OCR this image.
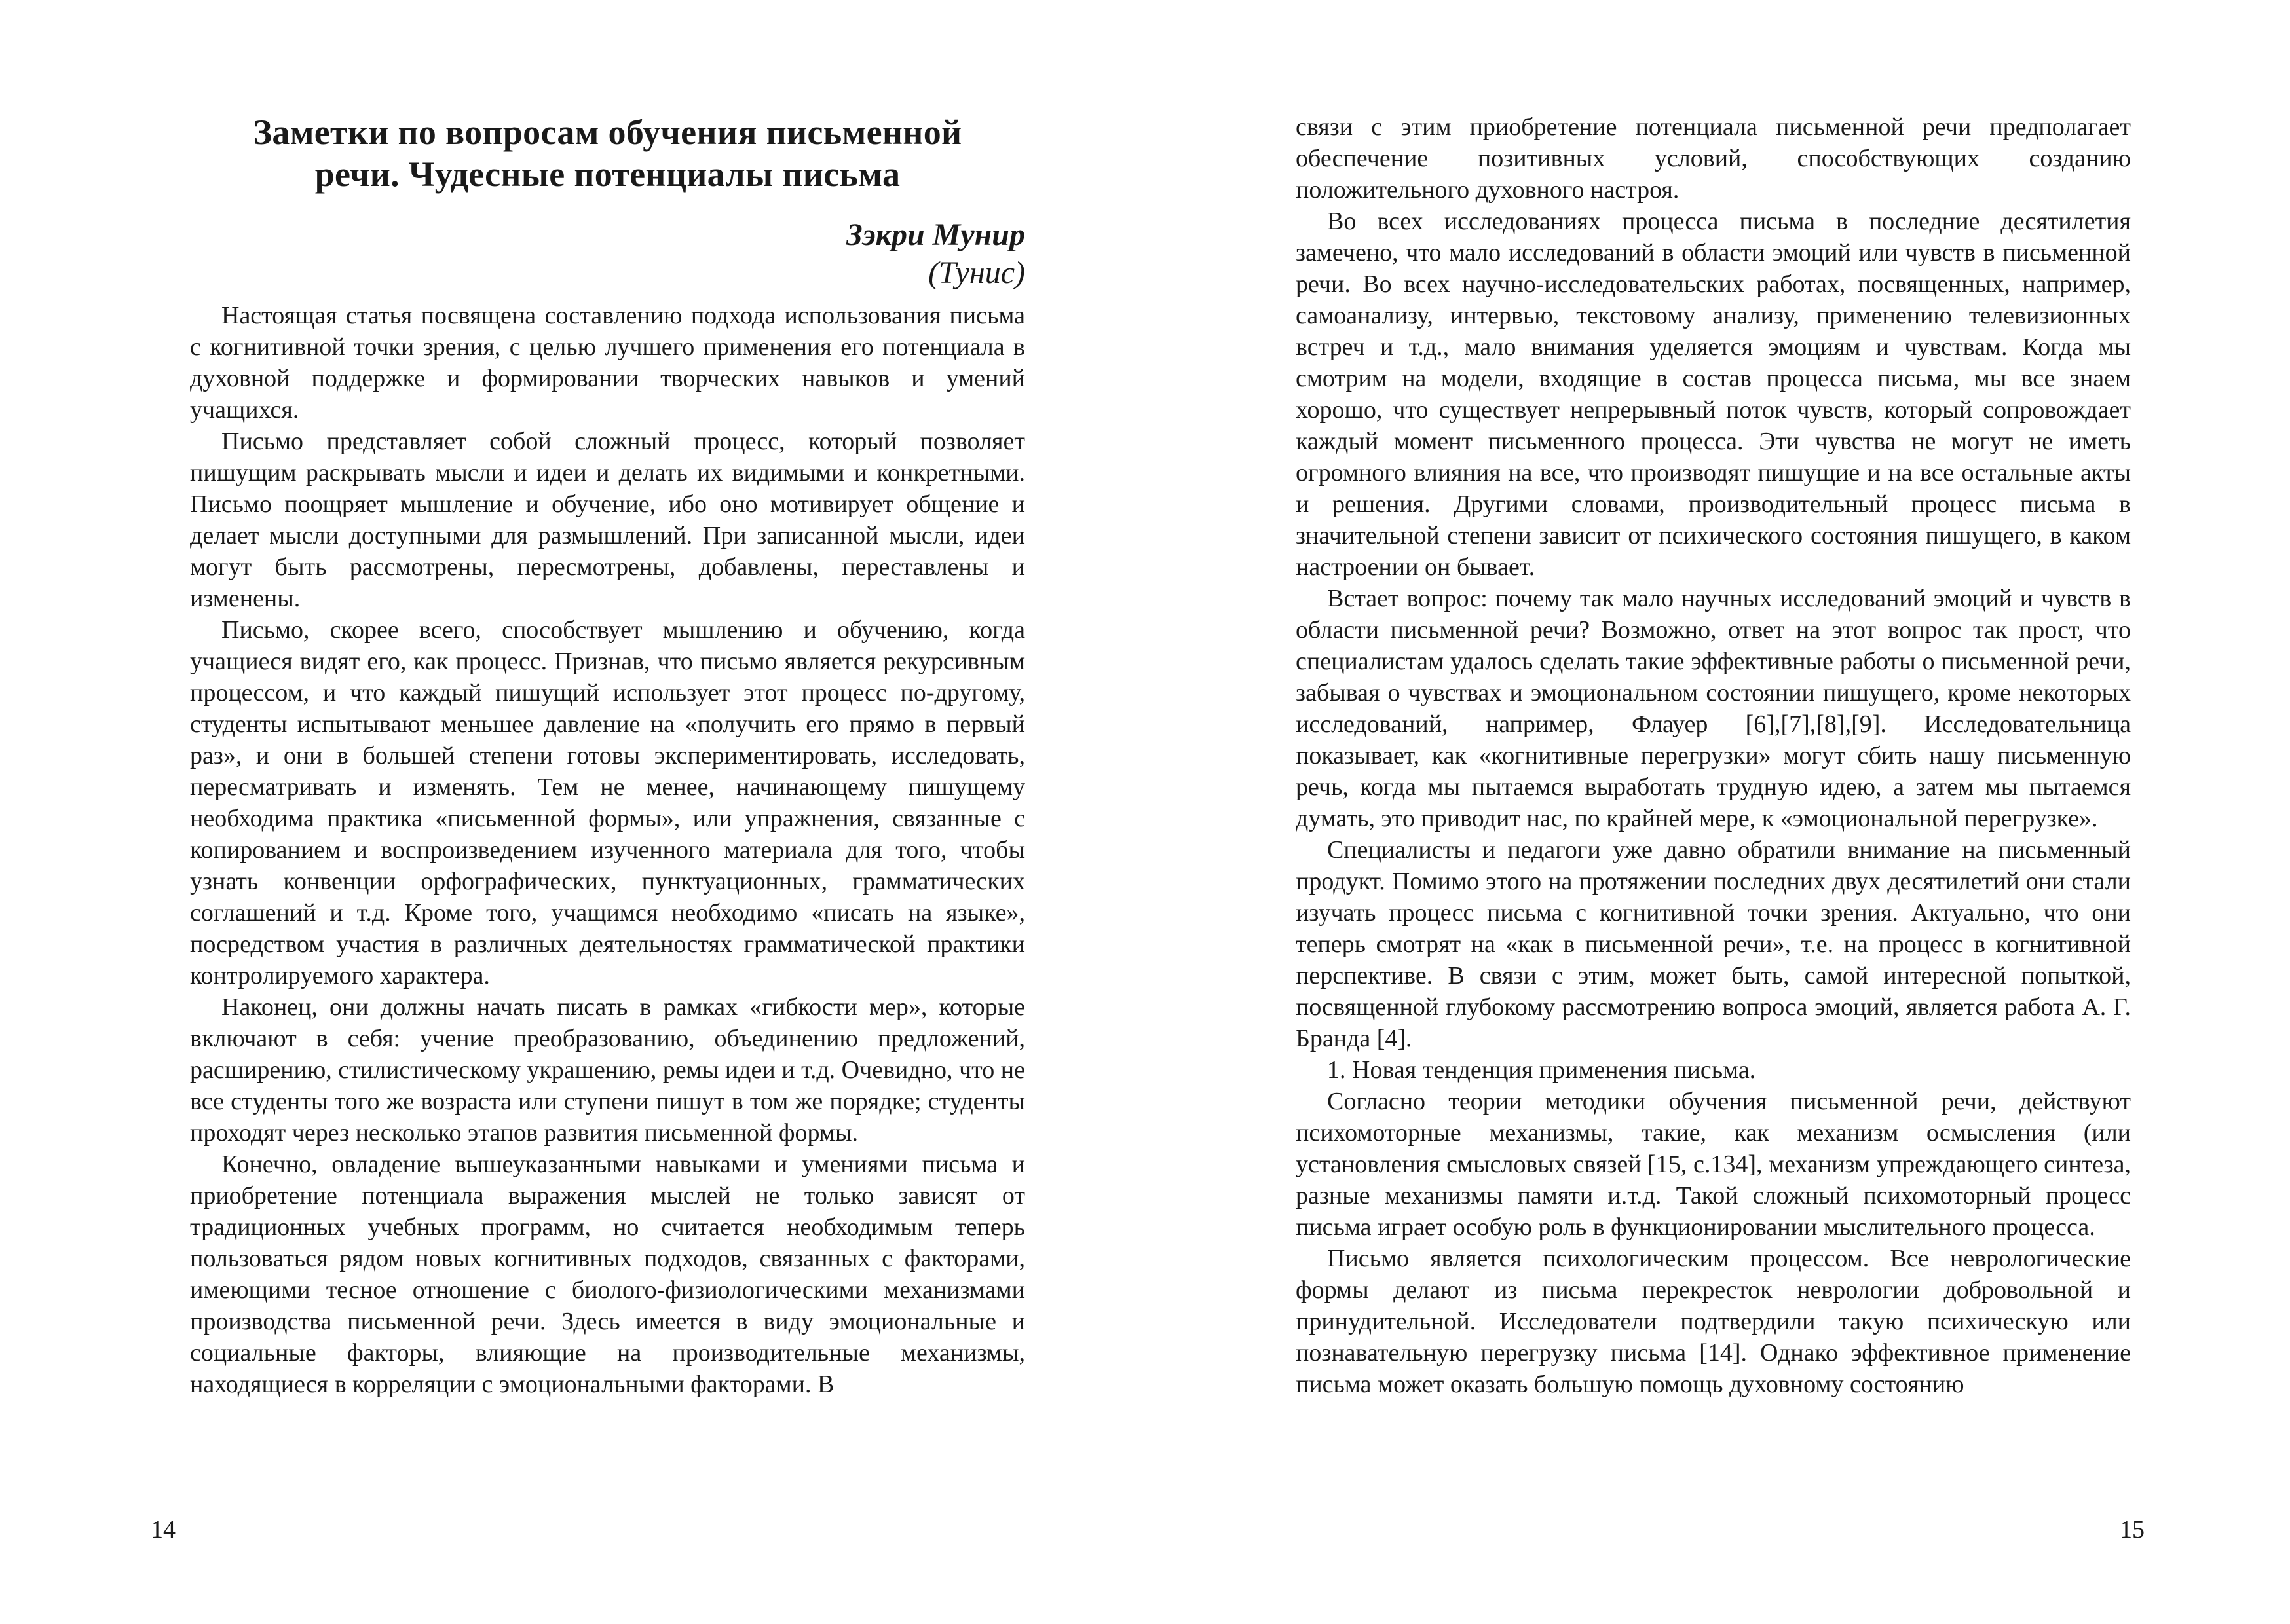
Заметки по вопросам обучения письменной
речи. Чудесные потенциалы письма
Зэкри Мунир
(Тунис)

Настоящая статья посвящена составлению подхода использования письма с когнитивной точки зрения, с целью лучшего применения его потенциала в духовной поддержке и формировании творческих навыков и умений учащихся.

Письмо представляет собой сложный процесс, который позволяет пишущим раскрывать мысли и идеи и делать их видимыми и конкретными. Письмо поощряет мышление и обучение, ибо оно мотивирует общение и делает мысли доступными для размышлений. При записанной мысли, идеи могут быть рассмотрены, пересмотрены, добавлены, переставлены и изменены.

Письмо, скорее всего, способствует мышлению и обучению, когда учащиеся видят его, как процесс. Признав, что письмо является рекурсивным процессом, и что каждый пишущий использует этот процесс по-другому, студенты испытывают меньшее давление на «получить его прямо в первый раз», и они в большей степени готовы экспериментировать, исследовать, пересматривать и изменять. Тем не менее, начинающему пишущему необходима практика «письменной формы», или упражнения, связанные с копированием и воспроизведением изученного материала для того, чтобы узнать конвенции орфографических, пунктуационных, грамматических соглашений и т.д. Кроме того, учащимся необходимо «писать на языке», посредством участия в различных деятельностях грамматической практики контролируемого характера.

Наконец, они должны начать писать в рамках «гибкости мер», которые включают в себя: учение преобразованию, объединению предложений, расширению, стилистическому украшению, ремы идеи и т.д. Очевидно, что не все студенты того же возраста или ступени пишут в том же порядке; студенты проходят через несколько этапов развития письменной формы.

Конечно, овладение вышеуказанными навыками и умениями письма и приобретение потенциала выражения мыслей не только зависят от традиционных учебных программ, но считается необходимым теперь пользоваться рядом новых когнитивных подходов, связанных с факторами, имеющими тесное отношение с биолого-физиологическими механизмами производства письменной речи. Здесь имеется в виду эмоциональные и социальные факторы, влияющие на производительные механизмы, находящиеся в корреляции с эмоциональными факторами. В

14

связи с этим приобретение потенциала письменной речи предполагает обеспечение позитивных условий, способствующих созданию положительного духовного настроя.

Во всех исследованиях процесса письма в последние десятилетия замечено, что мало исследований в области эмоций или чувств в письменной речи. Во всех научно-исследовательских работах, посвященных, например, самоанализу, интервью, текстовому анализу, применению телевизионных встреч и т.д., мало внимания уделяется эмоциям и чувствам. Когда мы смотрим на модели, входящие в состав процесса письма, мы все знаем хорошо, что существует непрерывный поток чувств, который сопровождает каждый момент письменного процесса. Эти чувства не могут не иметь огромного влияния на все, что производят пишущие и на все остальные акты и решения. Другими словами, производительный процесс письма в значительной степени зависит от психического состояния пишущего, в каком настроении он бывает.

Встает вопрос: почему так мало научных исследований эмоций и чувств в области письменной речи? Возможно, ответ на этот вопрос так прост, что специалистам удалось сделать такие эффективные работы о письменной речи, забывая о чувствах и эмоциональном состоянии пишущего, кроме некоторых исследований, например, Флауер [6],[7],[8],[9]. Исследовательница показывает, как «когнитивные перегрузки» могут сбить нашу письменную речь, когда мы пытаемся выработать трудную идею, а затем мы пытаемся думать, это приводит нас, по крайней мере, к «эмоциональной перегрузке».

Специалисты и педагоги уже давно обратили внимание на письменный продукт. Помимо этого на протяжении последних двух десятилетий они стали изучать процесс письма с когнитивной точки зрения. Актуально, что они теперь смотрят на «как в письменной речи», т.е. на процесс в когнитивной перспективе. В связи с этим, может быть, самой интересной попыткой, посвященной глубокому рассмотрению вопроса эмоций, является работа А. Г. Бранда [4].

1. Новая тенденция применения письма.

Согласно теории методики обучения письменной речи, действуют психомоторные механизмы, такие, как механизм осмысления (или установления смысловых связей [15, с.134], механизм упреждающего синтеза, разные механизмы памяти и.т.д. Такой сложный психомоторный процесс письма играет особую роль в функционировании мыслительного процесса.

Письмо является психологическим процессом. Все неврологические формы делают из письма перекресток неврологии добровольной и принудительной. Исследователи подтвердили такую психическую или познавательную перегрузку письма [14]. Однако эффективное применение письма может оказать большую помощь духовному состоянию

15
